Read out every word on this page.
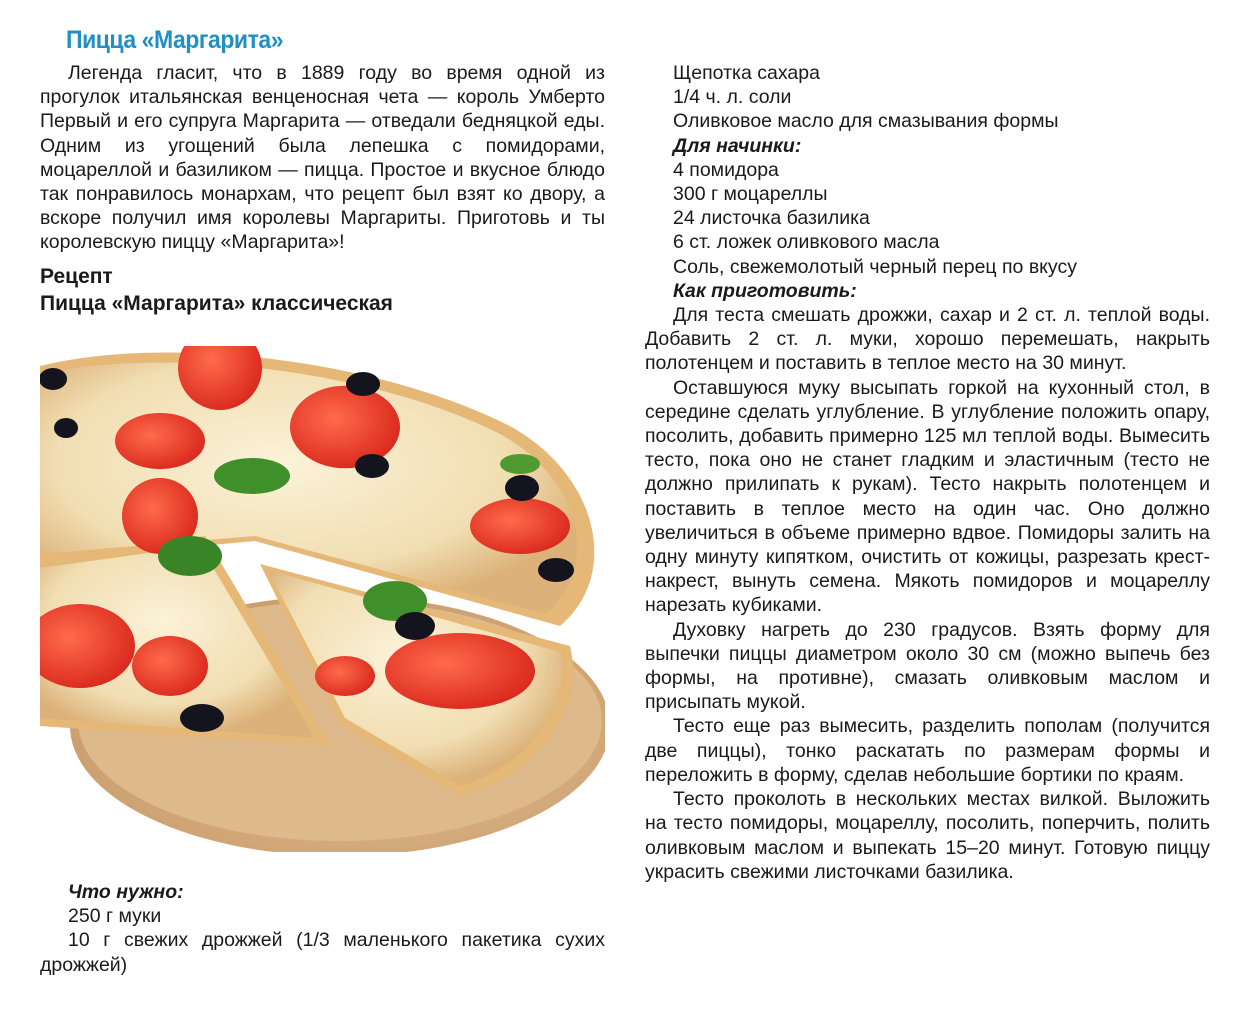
Пицца «Маргарита»

Легенда гласит, что в 1889 году во время одной из прогулок итальянская венценосная чета — король Умберто Первый и его супруга Маргарита — отведали бедняцкой еды. Одним из угощений была лепешка с помидорами, моцареллой и базиликом — пицца. Простое и вкусное блюдо так понравилось монархам, что рецепт был взят ко двору, а вскоре получил имя королевы Маргариты. Приготовь и ты королевскую пиццу «Маргарита»!

Рецепт

Пицца «Маргарита» классическая

Что нужно:
250 г муки

10 г свежих дрожжей (1/3 маленького пакетика сухих дрожжей)

Щепотка сахара
1/4 ч. л. соли
Оливковое масло для смазывания формы
Для начинки:
4 помидора
300 г моцареллы
24 листочка базилика
6 ст. ложек оливкового масла
Соль, свежемолотый черный перец по вкусу
Как приготовить:

Для теста смешать дрожжи, сахар и 2 ст. л. теплой воды. Добавить 2 ст. л. муки, хорошо перемешать, накрыть полотенцем и поставить в теплое место на 30 минут.

Оставшуюся муку высыпать горкой на кухонный стол, в середине сделать углубление. В углубление положить опару, посолить, добавить примерно 125 мл теплой воды. Вымесить тесто, пока оно не станет гладким и эластичным (тесто не должно прилипать к рукам). Тесто накрыть полотенцем и поставить в теплое место на один час. Оно должно увеличиться в объеме примерно вдвое. Помидоры залить на одну минуту кипятком, очистить от кожицы, разрезать крест-накрест, вынуть семена. Мякоть помидоров и моцареллу нарезать кубиками.

Духовку нагреть до 230 градусов. Взять форму для выпечки пиццы диаметром около 30 см (можно выпечь без формы, на противне), смазать оливковым маслом и присыпать мукой.

Тесто еще раз вымесить, разделить пополам (получится две пиццы), тонко раскатать по размерам формы и переложить в форму, сделав небольшие бортики по краям.

Тесто проколоть в нескольких местах вилкой. Выложить на тесто помидоры, моцареллу, посолить, поперчить, полить оливковым маслом и выпекать 15–20 минут. Готовую пиццу украсить свежими листочками базилика.
